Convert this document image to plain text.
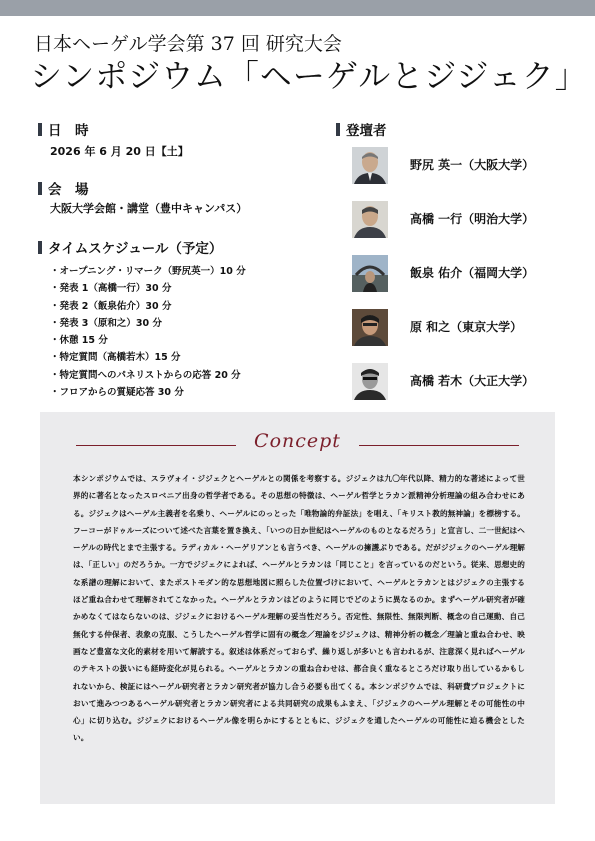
日本ヘーゲル学会第 37 回 研究大会
シンポジウム「ヘーゲルとジジェク」
日　時
2026 年 6 月 20 日【土】
会　場
大阪大学会館・講堂（豊中キャンパス）
タイムスケジュール（予定）
・オープニング・リマーク（野尻英一）10 分
・発表 1（高橋一行）30 分
・発表 2（飯泉佑介）30 分
・発表 3（原和之）30 分
・休憩 15 分
・特定質問（高橋若木）15 分
・特定質問へのパネリストからの応答 20 分
・フロアからの質疑応答 30 分
登壇者
野尻 英一（大阪大学）
高橋 一行（明治大学）
飯泉 佑介（福岡大学）
原 和之（東京大学）
高橋 若木（大正大学）
Concept

本シンポジウムでは、スラヴォイ・ジジェクとヘーゲルとの関係を考察する。ジジェクは九〇年代以降、精力的な著述によって世界的に著名となったスロベニア出身の哲学者である。その思想の特徴は、ヘーゲル哲学とラカン派精神分析理論の組み合わせにある。ジジェクはヘーゲル主義者を名乗り、ヘーゲルにのっとった「唯物論的弁証法」を唱え、「キリスト教的無神論」を標榜する。フーコーがドゥルーズについて述べた言葉を置き換え、「いつの日か世紀はヘーゲルのものとなるだろう」と宣言し、二一世紀はヘーゲルの時代とまで主張する。ラディカル・ヘーゲリアンとも言うべき、ヘーゲルの擁護ぶりである。だがジジェクのヘーゲル理解は、「正しい」のだろうか。一方でジジェクによれば、ヘーゲルとラカンは「同じこと」を言っているのだという。従来、思想史的な系譜の理解において、またポストモダン的な思想地図に照らした位置づけにおいて、ヘーゲルとラカンとはジジェクの主張するほど重ね合わせて理解されてこなかった。ヘーゲルとラカンはどのように同じでどのように異なるのか。まずヘーゲル研究者が確かめなくてはならないのは、ジジェクにおけるヘーゲル理解の妥当性だろう。否定性、無限性、無限判断、概念の自己運動、自己無化する仲保者、表象の克服、こうしたヘーゲル哲学に固有の概念／理論をジジェクは、精神分析の概念／理論と重ね合わせ、映画など豊富な文化的素材を用いて解読する。叙述は体系だっておらず、繰り返しが多いとも言われるが、注意深く見ればヘーゲルのテキストの扱いにも経時変化が見られる。ヘーゲルとラカンの重ね合わせは、都合良く重なるところだけ取り出しているかもしれないから、検証にはヘーゲル研究者とラカン研究者が協力し合う必要も出てくる。本シンポジウムでは、科研費プロジェクトにおいて進みつつあるヘーゲル研究者とラカン研究者による共同研究の成果もふまえ、「ジジェクのヘーゲル理解とその可能性の中心」に切り込む。ジジェクにおけるヘーゲル像を明らかにするとともに、ジジェクを通したヘーゲルの可能性に迫る機会としたい。
